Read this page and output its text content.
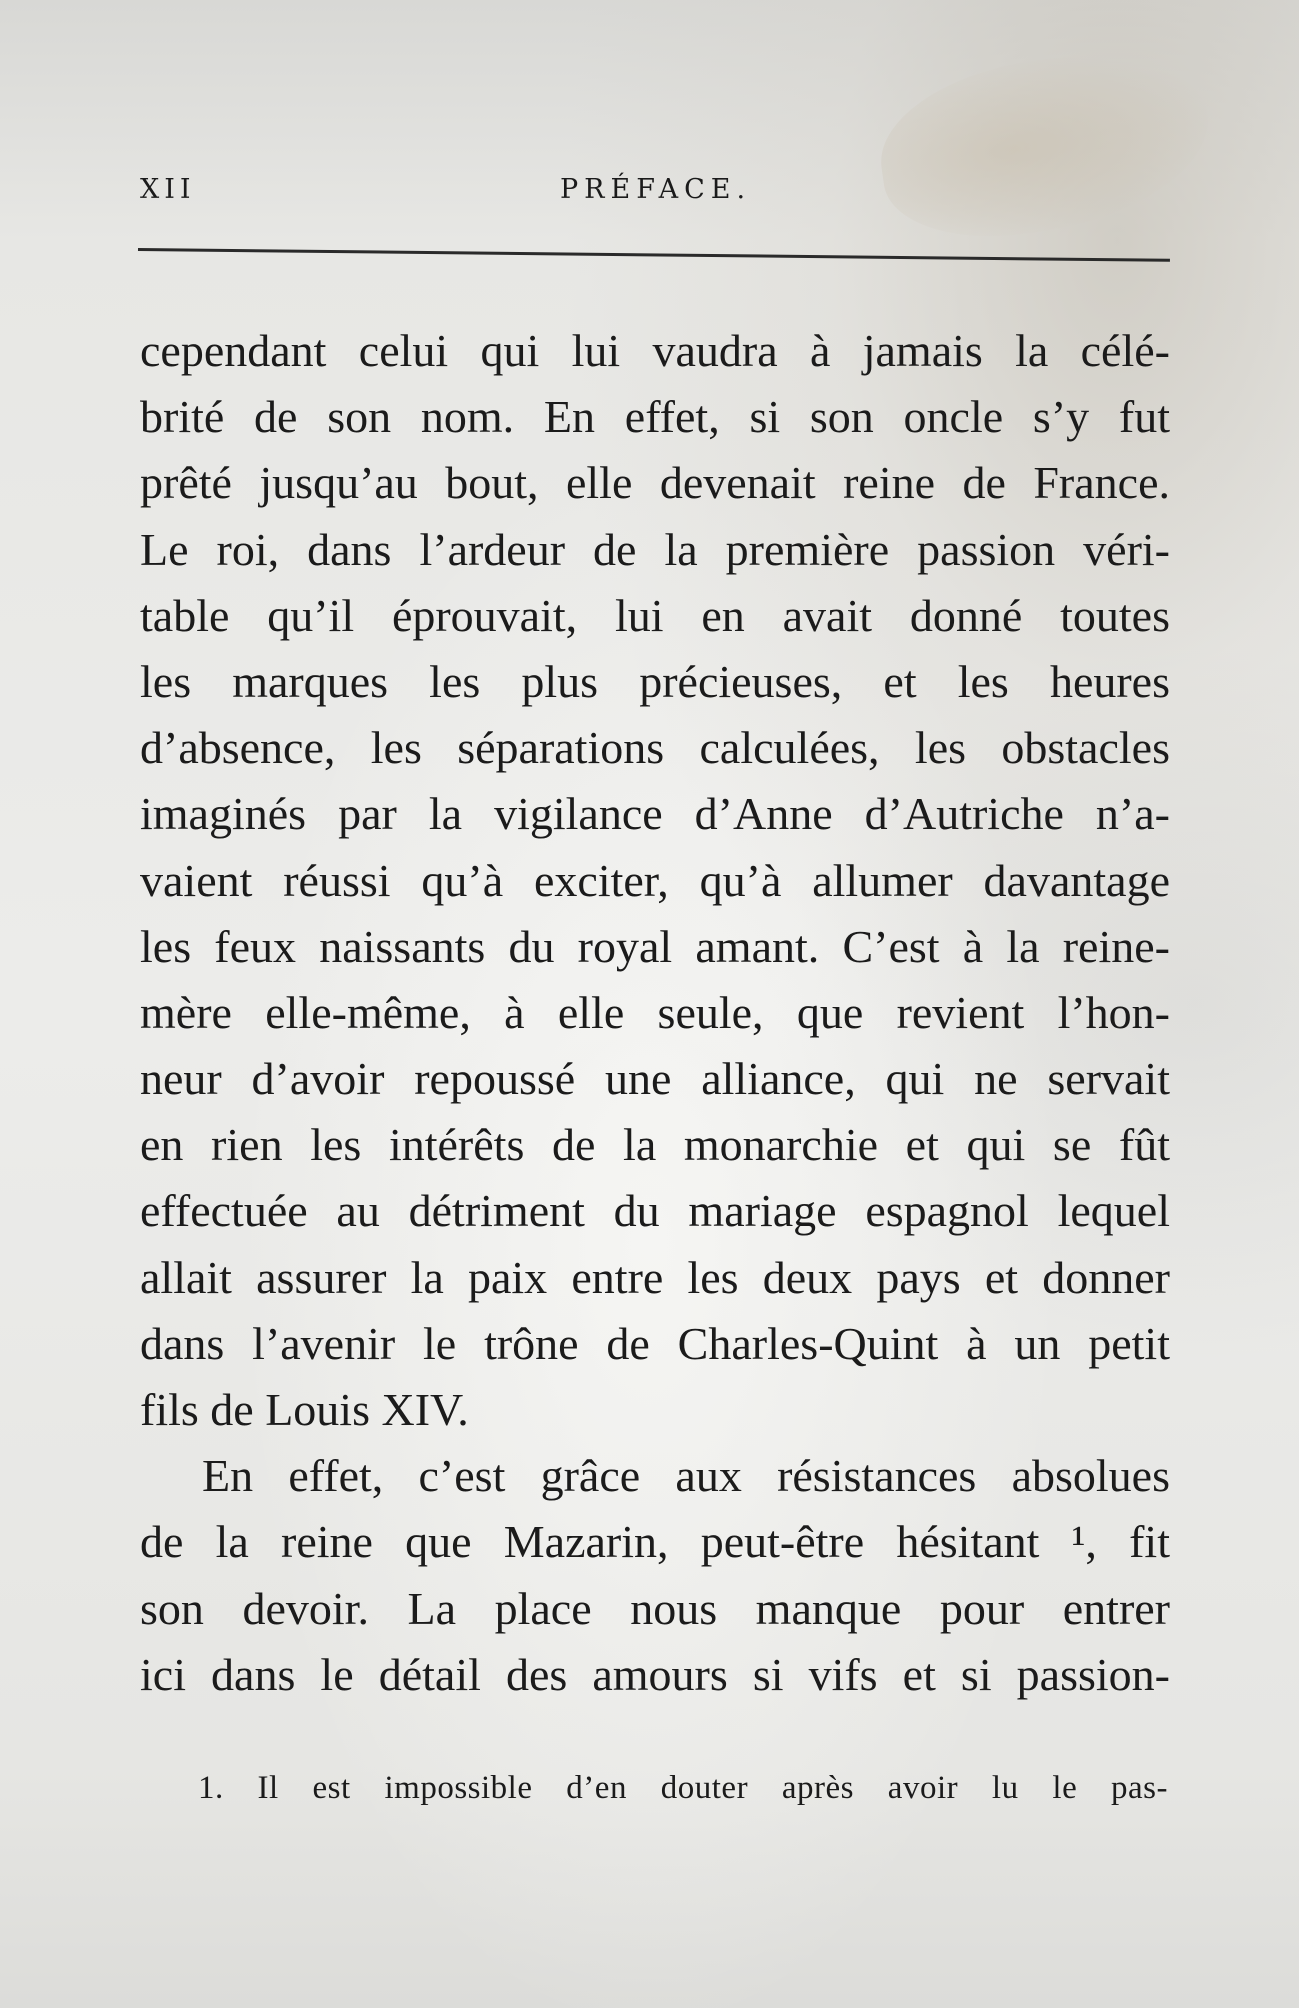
XII	PRÉFACE.
cependant celui qui lui vaudra à jamais la célé-
brité de son nom. En effet, si son oncle s’y fut
prêté jusqu’au bout, elle devenait reine de France.
Le roi, dans l’ardeur de la première passion véri-
table qu’il éprouvait, lui en avait donné toutes
les marques les plus précieuses, et les heures
d’absence, les séparations calculées, les obstacles
imaginés par la vigilance d’Anne d’Autriche n’a-
vaient réussi qu’à exciter, qu’à allumer davantage
les feux naissants du royal amant. C’est à la reine-
mère elle-même, à elle seule, que revient l’hon-
neur d’avoir repoussé une alliance, qui ne servait
en rien les intérêts de la monarchie et qui se fût
effectuée au détriment du mariage espagnol lequel
allait assurer la paix entre les deux pays et donner
dans l’avenir le trône de Charles-Quint à un petit
fils de Louis XIV.
En effet, c’est grâce aux résistances absolues
de la reine que Mazarin, peut-être hésitant ¹, fit
son devoir. La place nous manque pour entrer
ici dans le détail des amours si vifs et si passion-
1. Il est impossible d’en douter après avoir lu le pas-
